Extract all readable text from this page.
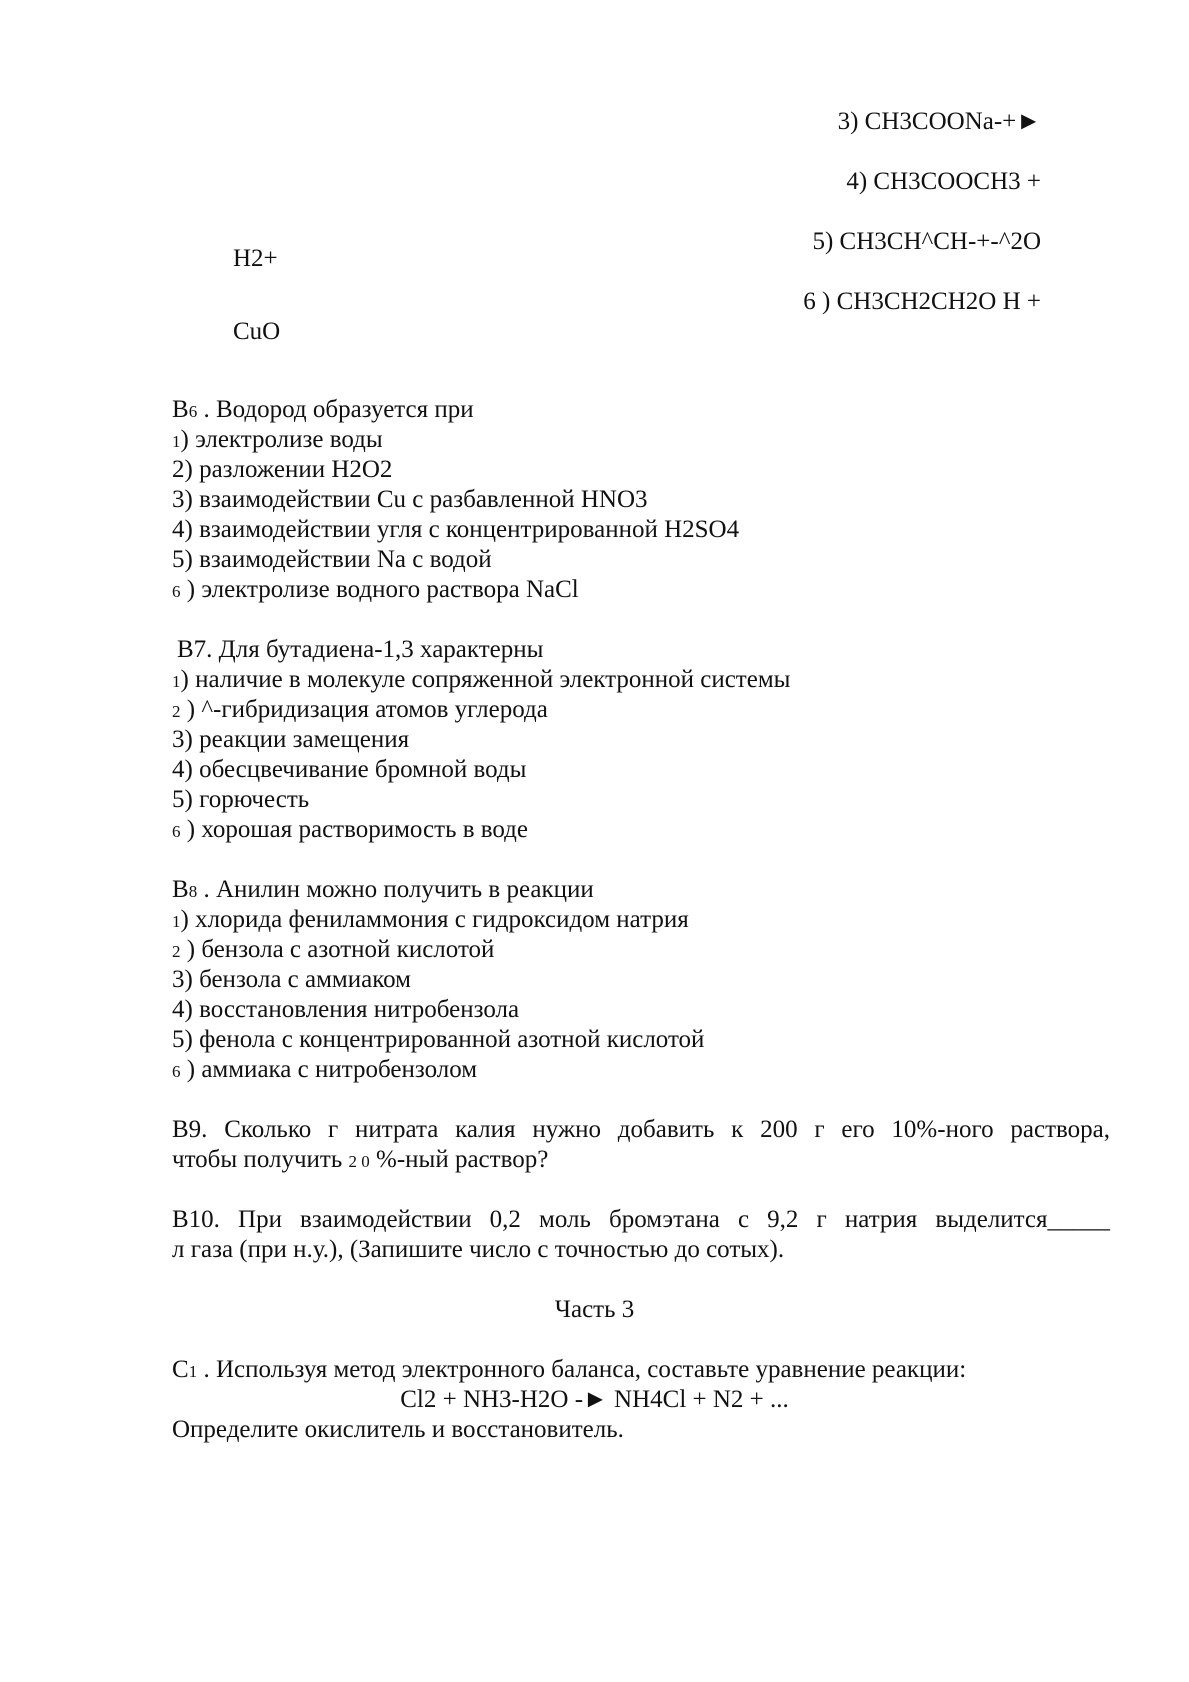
3) CH3COONa-+►
4) CH3COOCH3 +
5) CH3CH^CH-+-^2O
6 ) CH3CH2CH2O H +
H2+
CuO
B6 . Водород образуется при
1) электролизе воды
2) разложении H2O2
3) взаимодействии Cu с разбавленной HNO3
4) взаимодействии угля с концентрированной H2SO4
5) взаимодействии Na с водой
6 ) электролизе водного раствора NaCl
B7. Для бутадиена-1,3 характерны
1) наличие в молекуле сопряженной электронной системы
2 ) ^-гибридизация атомов углерода
3) реакции замещения
4) обесцвечивание бромной воды
5) горючесть
6 ) хорошая растворимость в воде
B8 . Анилин можно получить в реакции
1) хлорида фениламмония с гидроксидом натрия
2 ) бензола с азотной кислотой
3) бензола с аммиаком
4) восстановления нитробензола
5) фенола с концентрированной азотной кислотой
6 ) аммиака с нитробензолом
B9. Сколько г нитрата калия нужно добавить к 200 г его 10%-ного раствора,
чтобы получить 2 0 %-ный раствор?
B10. При взаимодействии 0,2 моль бромэтана с 9,2 г натрия выделится_____
л газа (при н.у.), (Запишите число с точностью до сотых).
Часть 3
C1 . Используя метод электронного баланса, составьте уравнение реакции:
Cl2 + NH3-H2O -► NH4Cl + N2 + ...
Определите окислитель и восстановитель.
